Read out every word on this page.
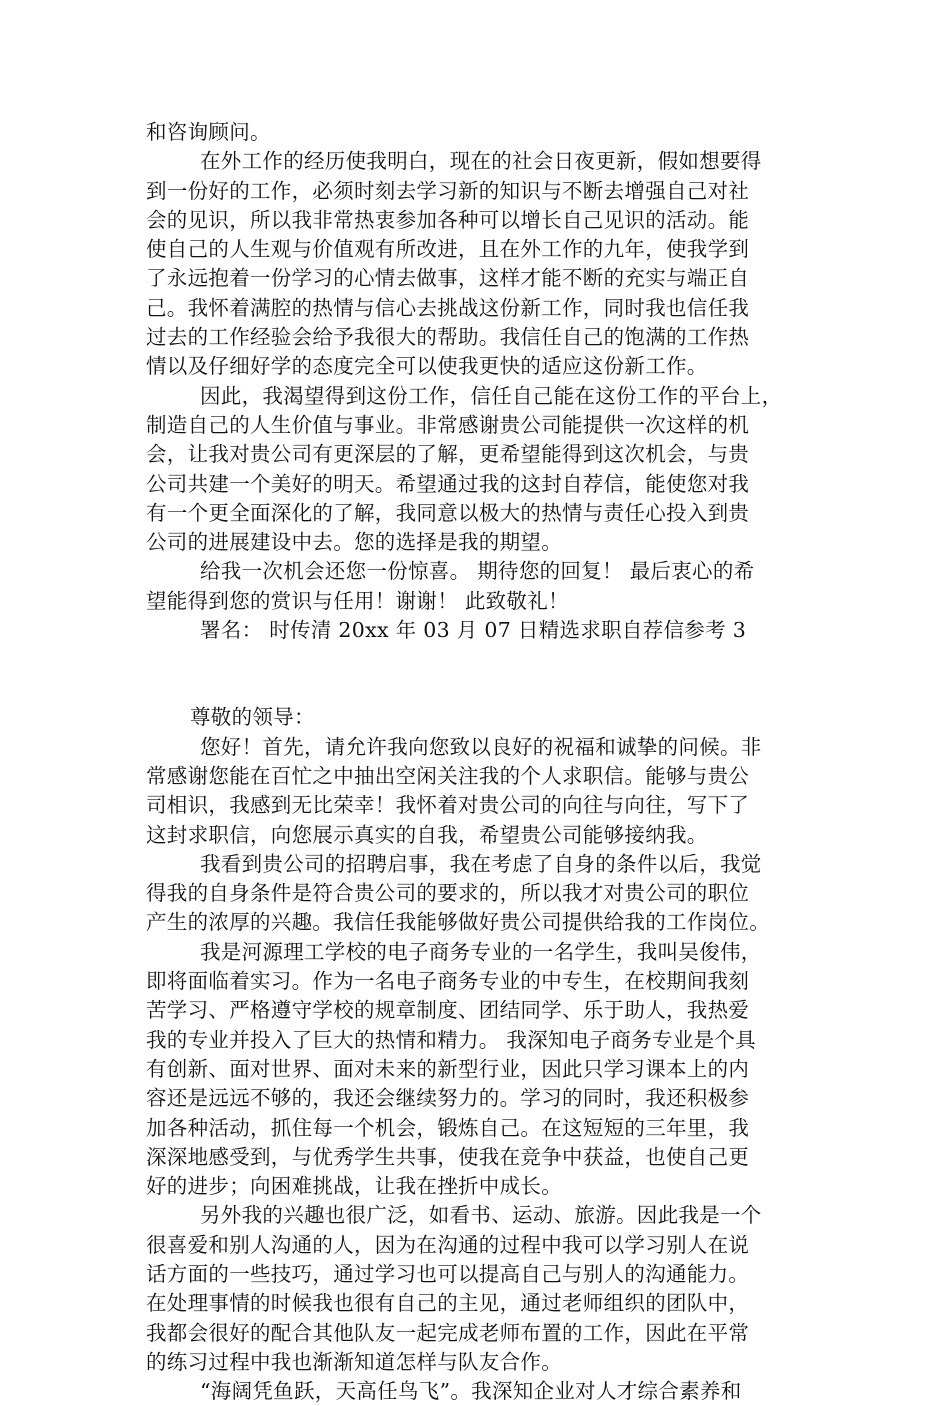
和咨询顾问。
在外工作的经历使我明白，现在的社会日夜更新，假如想要得
到一份好的工作，必须时刻去学习新的知识与不断去增强自己对社
会的见识，所以我非常热衷参加各种可以增长自己见识的活动。能
使自己的人生观与价值观有所改进，且在外工作的九年，使我学到
了永远抱着一份学习的心情去做事，这样才能不断的充实与端正自
己。我怀着满腔的热情与信心去挑战这份新工作，同时我也信任我
过去的工作经验会给予我很大的帮助。我信任自己的饱满的工作热
情以及仔细好学的态度完全可以使我更快的适应这份新工作。
因此，我渴望得到这份工作，信任自己能在这份工作的平台上，
制造自己的人生价值与事业。非常感谢贵公司能提供一次这样的机
会，让我对贵公司有更深层的了解，更希望能得到这次机会，与贵
公司共建一个美好的明天。希望通过我的这封自荐信，能使您对我
有一个更全面深化的了解，我同意以极大的热情与责任心投入到贵
公司的进展建设中去。您的选择是我的期望。
给我一次机会还您一份惊喜。 期待您的回复！ 最后衷心的希
望能得到您的赏识与任用！谢谢！ 此致敬礼！
署名： 时传清 20xx 年 03 月 07 日精选求职自荐信参考 3
尊敬的领导：
您好！首先，请允许我向您致以良好的祝福和诚挚的问候。非
常感谢您能在百忙之中抽出空闲关注我的个人求职信。能够与贵公
司相识，我感到无比荣幸！我怀着对贵公司的向往与向往，写下了
这封求职信，向您展示真实的自我，希望贵公司能够接纳我。
我看到贵公司的招聘启事，我在考虑了自身的条件以后，我觉
得我的自身条件是符合贵公司的要求的，所以我才对贵公司的职位
产生的浓厚的兴趣。我信任我能够做好贵公司提供给我的工作岗位。
我是河源理工学校的电子商务专业的一名学生，我叫吴俊伟，
即将面临着实习。作为一名电子商务专业的中专生，在校期间我刻
苦学习、严格遵守学校的规章制度、团结同学、乐于助人，我热爱
我的专业并投入了巨大的热情和精力。 我深知电子商务专业是个具
有创新、面对世界、面对未来的新型行业，因此只学习课本上的内
容还是远远不够的，我还会继续努力的。学习的同时，我还积极参
加各种活动，抓住每一个机会，锻炼自己。在这短短的三年里，我
深深地感受到，与优秀学生共事，使我在竞争中获益，也使自己更
好的进步；向困难挑战，让我在挫折中成长。
另外我的兴趣也很广泛，如看书、运动、旅游。因此我是一个
很喜爱和别人沟通的人，因为在沟通的过程中我可以学习别人在说
话方面的一些技巧，通过学习也可以提高自己与别人的沟通能力。
在处理事情的时候我也很有自己的主见，通过老师组织的团队中，
我都会很好的配合其他队友一起完成老师布置的工作，因此在平常
的练习过程中我也渐渐知道怎样与队友合作。
“海阔凭鱼跃，天高任鸟飞”。我深知企业对人才综合素养和
